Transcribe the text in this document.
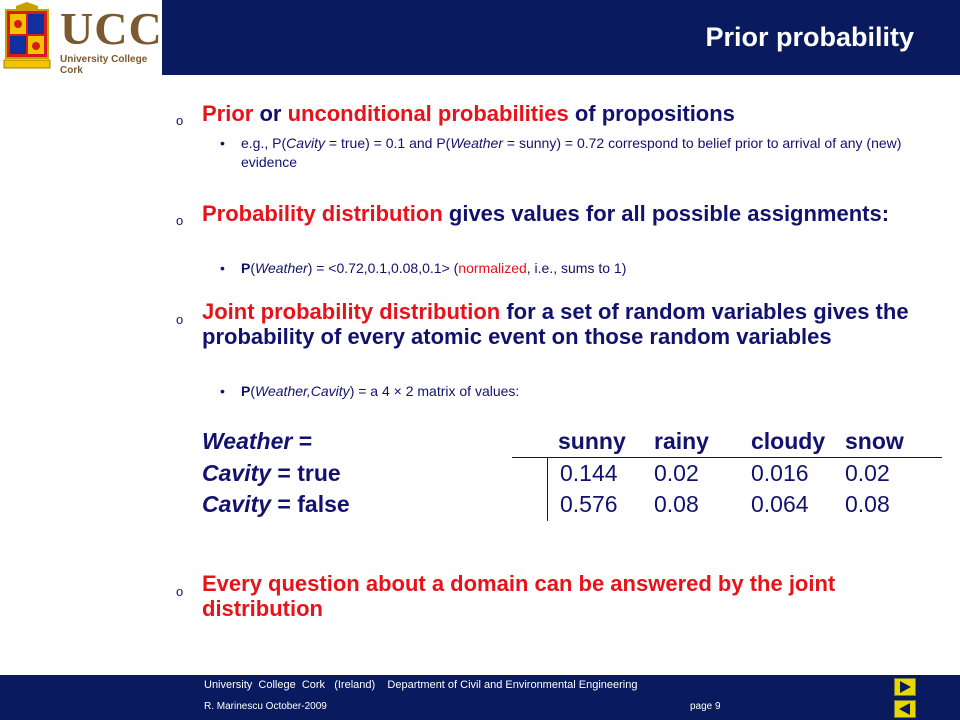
UCC
University College Cork
Prior probability
o Prior or unconditional probabilities of propositions
• e.g., P(Cavity = true) = 0.1 and P(Weather = sunny) = 0.72 correspond to belief prior to arrival of any (new) evidence
o Probability distribution gives values for all possible assignments:
• P(Weather) = <0.72,0.1,0.08,0.1> (normalized, i.e., sums to 1)
o Joint probability distribution for a set of random variables gives the probability of every atomic event on those random variables
• P(Weather,Cavity) = a 4 × 2 matrix of values:
Weather =	sunny rainy cloudy snow
Cavity = true	0.144 0.02 0.016 0.02
Cavity = false	0.576 0.08 0.064 0.08
o Every question about a domain can be answered by the joint distribution
University  College  Cork   (Ireland)    Department of Civil and Environmental Engineering
R. Marinescu October-2009	page 9
